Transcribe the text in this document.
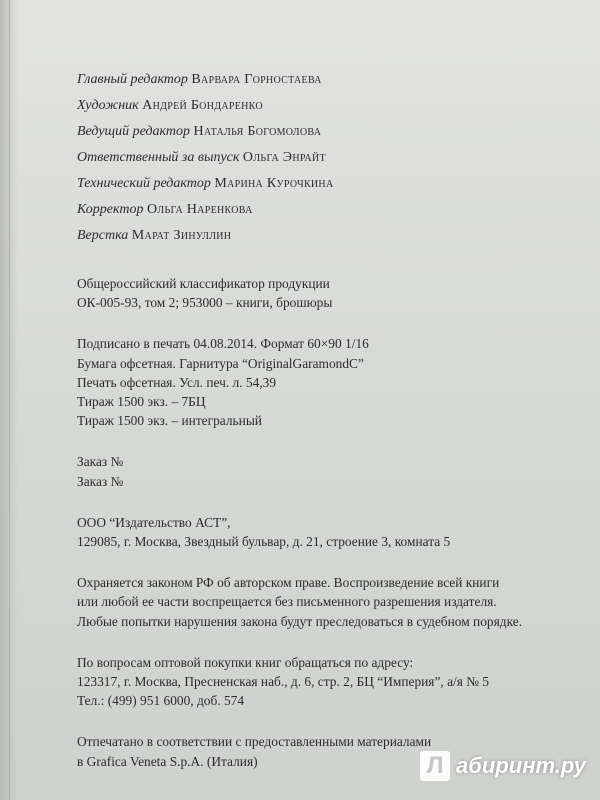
Главный редактор Варвара Горностаева
Художник Андрей Бондаренко
Ведущий редактор Наталья Богомолова
Ответственный за выпуск Ольга Энрайт
Технический редактор Марина Курочкина
Корректор Ольга Наренкова
Верстка Марат Зинуллин
Общероссийский классификатор продукции
ОК-005-93, том 2; 953000 – книги, брошюры
Подписано в печать 04.08.2014. Формат 60×90 1/16
Бумага офсетная. Гарнитура “OriginalGaramondC”
Печать офсетная. Усл. печ. л. 54,39
Тираж 1500 экз. – 7БЦ
Тираж 1500 экз. – интегральный
Заказ №
Заказ №
ООО “Издательство АСТ”,
129085, г. Москва, Звездный бульвар, д. 21, строение 3, комната 5
Охраняется законом РФ об авторском праве. Воспроизведение всей книги
или любой ее части воспрещается без письменного разрешения издателя.
Любые попытки нарушения закона будут преследоваться в судебном порядке.
По вопросам оптовой покупки книг обращаться по адресу:
123317, г. Москва, Пресненская наб., д. 6, стр. 2, БЦ “Империя”, а/я № 5
Тел.: (499) 951 6000, доб. 574
Отпечатано в соответствии с предоставленными материалами
в Grafica Veneta S.p.A. (Италия)	Л абиринт.ру
